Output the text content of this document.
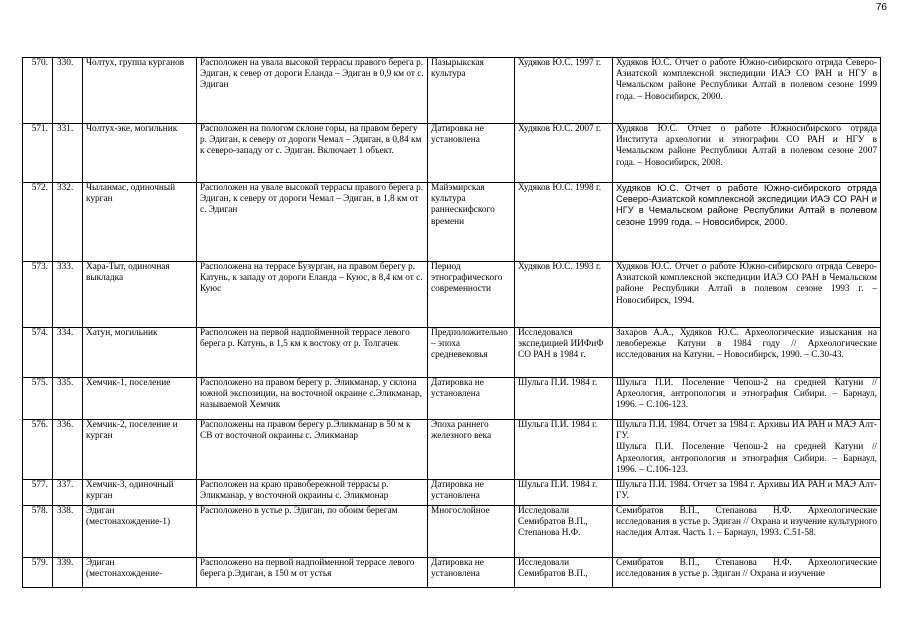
76
570.	330.	Чолтух, группа курганов	Расположен на увала высокой террасы правого берега р. Эдиган, к север от дороги Еланда – Эдиган в 0,9 км от с. Эдиган	Пазырыкская культура	Худяков Ю.С. 1997 г.	Худяков Ю.С. Отчет о работе Южно-сибирского отряда Северо-Азиатской комплексной экспедиции ИАЭ СО РАН и НГУ в Чемальском районе Республики Алтай в полевом сезоне 1999 года. – Новосибирск, 2000.

571.	331.	Чолтух-эке, могильник	Расположен на пологом склоне горы, на правом берегу р. Эдиган, к северу от дороги Чемал – Эдиган, в 0,84 км к северо-западу от с. Эдиган. Включает 1 объект.	Датировка не установлена	Худяков Ю.С. 2007 г.	Худяков Ю.С. Отчет о работе Южносибирского отряда Института археологии и этнографии СО РАН и НГУ в Чемальском районе Республики Алтай в полевом сезоне 2007 года. – Новосибирск, 2008.

572.	332.	Чыланмас, одиночный курган	Расположен на увале высокой террасы правого берега р. Эдиган, к северу от дороги Чемал – Эдиган, в 1,8 км от с. Эдиган	Майэмирская культура раннескифского времени	Худяков Ю.С. 1998 г.	Худяков Ю.С. Отчет о работе Южно-сибирского отряда Северо-Азиатской комплексной экспедиции ИАЭ СО РАН и НГУ в Чемальском районе Республики Алтай в полевом сезоне 1999 года. – Новосибирск, 2000.

573.	333.	Хара-Тыт, одиночная выкладка	Расположена на террасе Бузурган, на правом берегу р. Катунь, к западу от дороги Еланда – Куюс, в 8,4 км от с. Куюс	Период этнографического современности	Худяков Ю.С. 1993 г.	Худяков Ю.С. Отчет о работе Южно-сибирского отряда Северо-Азиатской комплексной экспедиции ИАЭ СО РАН в Чемальском районе Республики Алтай в полевом сезоне 1993 г. – Новосибирск, 1994.

574.	334.	Хатун, могильник	Расположен на первой надпойменной террасе левого берега р. Катунь, в 1,5 км к востоку от р. Толгачек	Предположительно – эпоха средневековья	Исследовался экспедицией ИИФиФ СО РАН в 1984 г.	Захаров А.А., Худяков Ю.С. Археологические изыскания на левобережье Катуни в 1984 году // Археологические исследования на Катуни. – Новосибирск, 1990. – С.30-43.

575.	335.	Хемчик-1, поселение	Расположено на правом берегу р. Эликманар, у склона южной экспозиции, на восточной окраине с.Эликманар, называемой Хемчик	Датировка не установлена	Шульга П.И. 1984 г.	Шульга П.И. Поселение Чепош-2 на средней Катуни // Археология, антропология и этнография Сибири. – Барнаул, 1996. – С.106-123.

576.	336.	Хемчик-2, поселение и курган	Расположены на правом берегу р.Эликманар в 50 м к СВ от восточной окраины с. Эликманар	Эпоха раннего железного века	Шульга П.И. 1984 г.	Шульга П.И. 1984. Отчет за 1984 г. Архивы ИА РАН и МАЭ Алт-ГУ.
Шульга П.И. Поселение Чепош-2 на средней Катуни // Археология, антропология и этнография Сибири. – Барнаул, 1996. – С.106-123.

577.	337.	Хемчик-3, одиночный курган	Расположен на краю правобережной террасы р. Эликманар, у восточной окраины с. Эликмонар	Датировка не установлена	Шульга П.И. 1984 г.	Шульга П.И. 1984. Отчет за 1984 г. Архивы ИА РАН и МАЭ Алт-ГУ.

578.	338.	Эдиган (местонахождение-1)	Расположено в устье р. Эдиган, по обоим берегам	Многослойное	Исследовали Семибратов В.П., Степанова Н.Ф.	Семибратов В.П., Степанова Н.Ф. Археологические исследования в устье р. Эдиган // Охрана и изучение культурного наследия Алтая. Часть 1. – Барнаул, 1993. С.51-58.

579.	339.	Эдиган (местонахождение-	Расположено на первой надпойменной террасе левого берега р.Эдиган, в 150 м от устья	Датировка не установлена	Исследовали Семибратов В.П.,	Семибратов В.П., Степанова Н.Ф. Археологические исследования в устье р. Эдиган // Охрана и изучение
